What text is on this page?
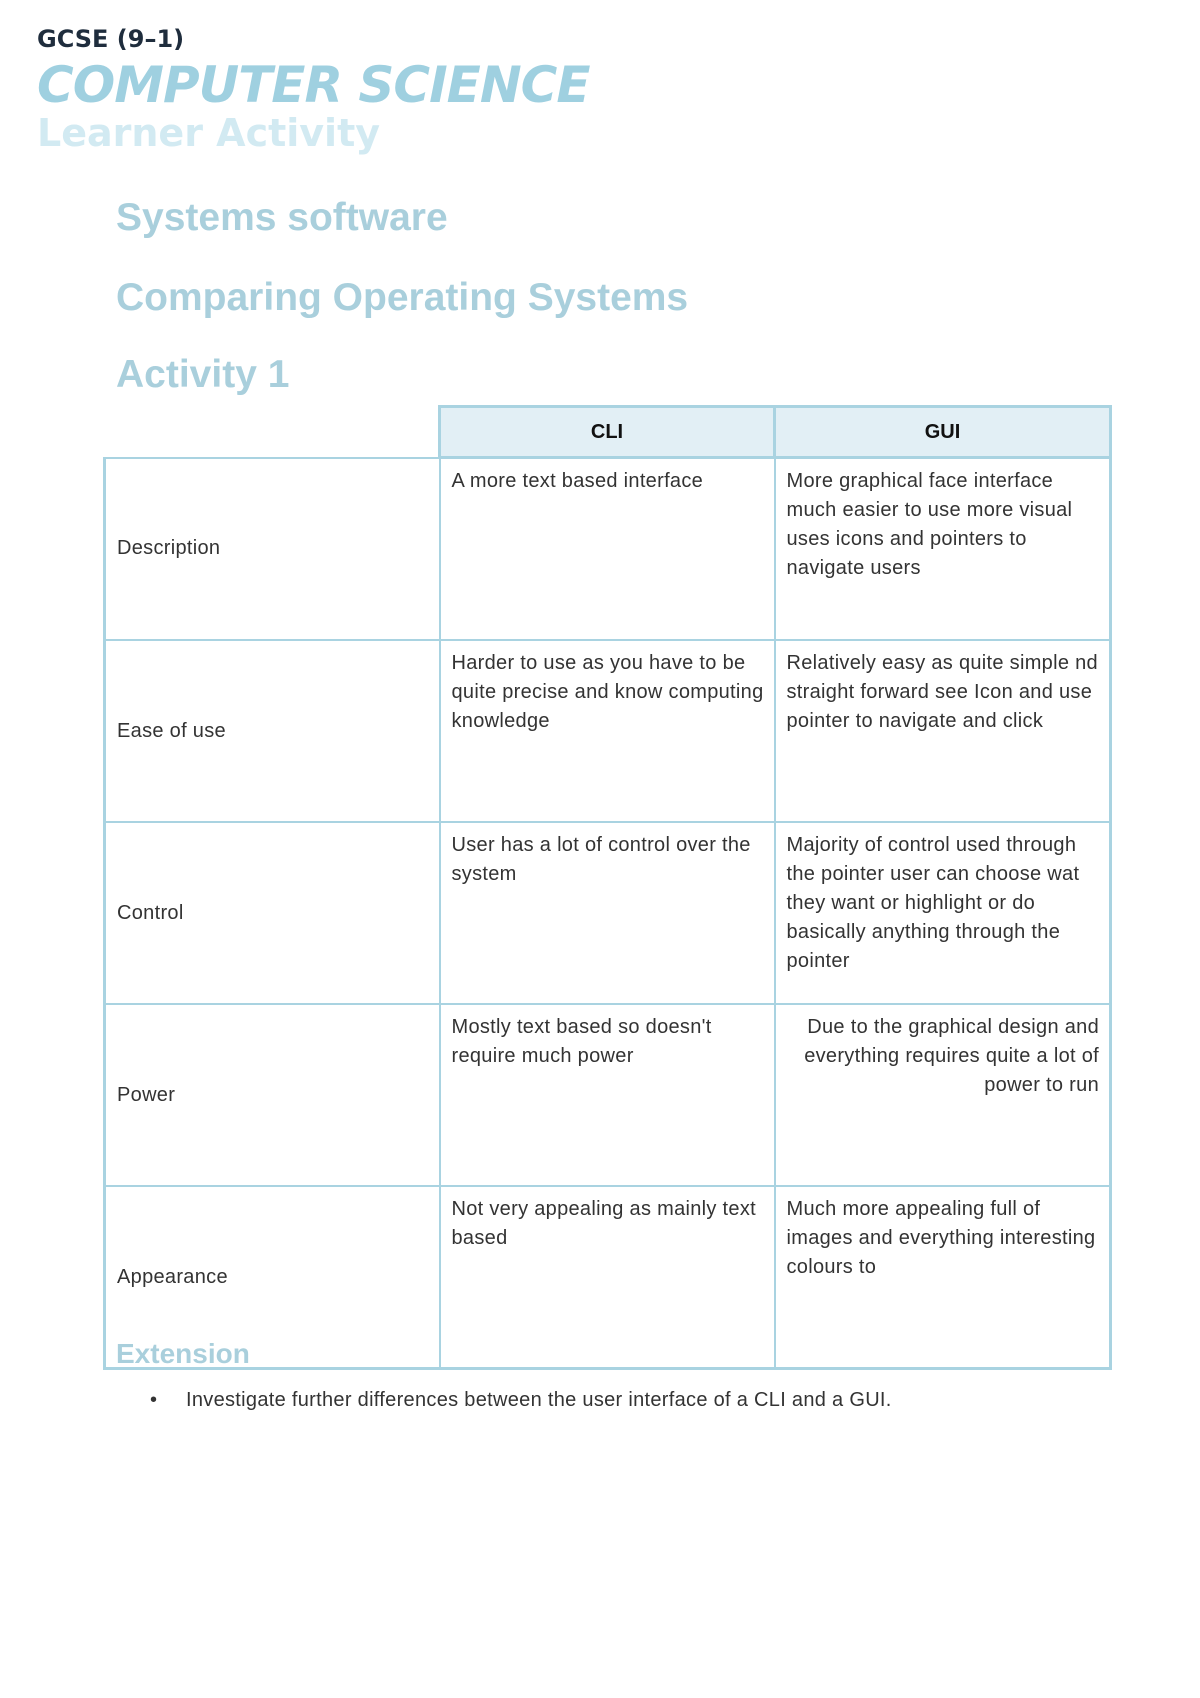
GCSE (9–1)
COMPUTER SCIENCE
Learner Activity
Systems software
Comparing Operating Systems
Activity 1
	CLI	GUI
Description	A more text based interface	More graphical face interface much easier to use more visual uses icons and pointers to navigate users
Ease of use	Harder to use as you have to be quite precise and know computing knowledge	Relatively easy as quite simple nd straight forward see Icon and use pointer to navigate and click
Control	User has a lot of control over the system	Majority of control used through the pointer user can choose wat they want or highlight or do basically anything through the pointer
Power	Mostly text based so doesn't require much power	Due to the graphical design and everything requires quite a lot of power to run
Appearance	Not very appealing as mainly text based	Much more appealing full of images and everything interesting colours to
Extension
• Investigate further differences between the user interface of a CLI and a GUI.
